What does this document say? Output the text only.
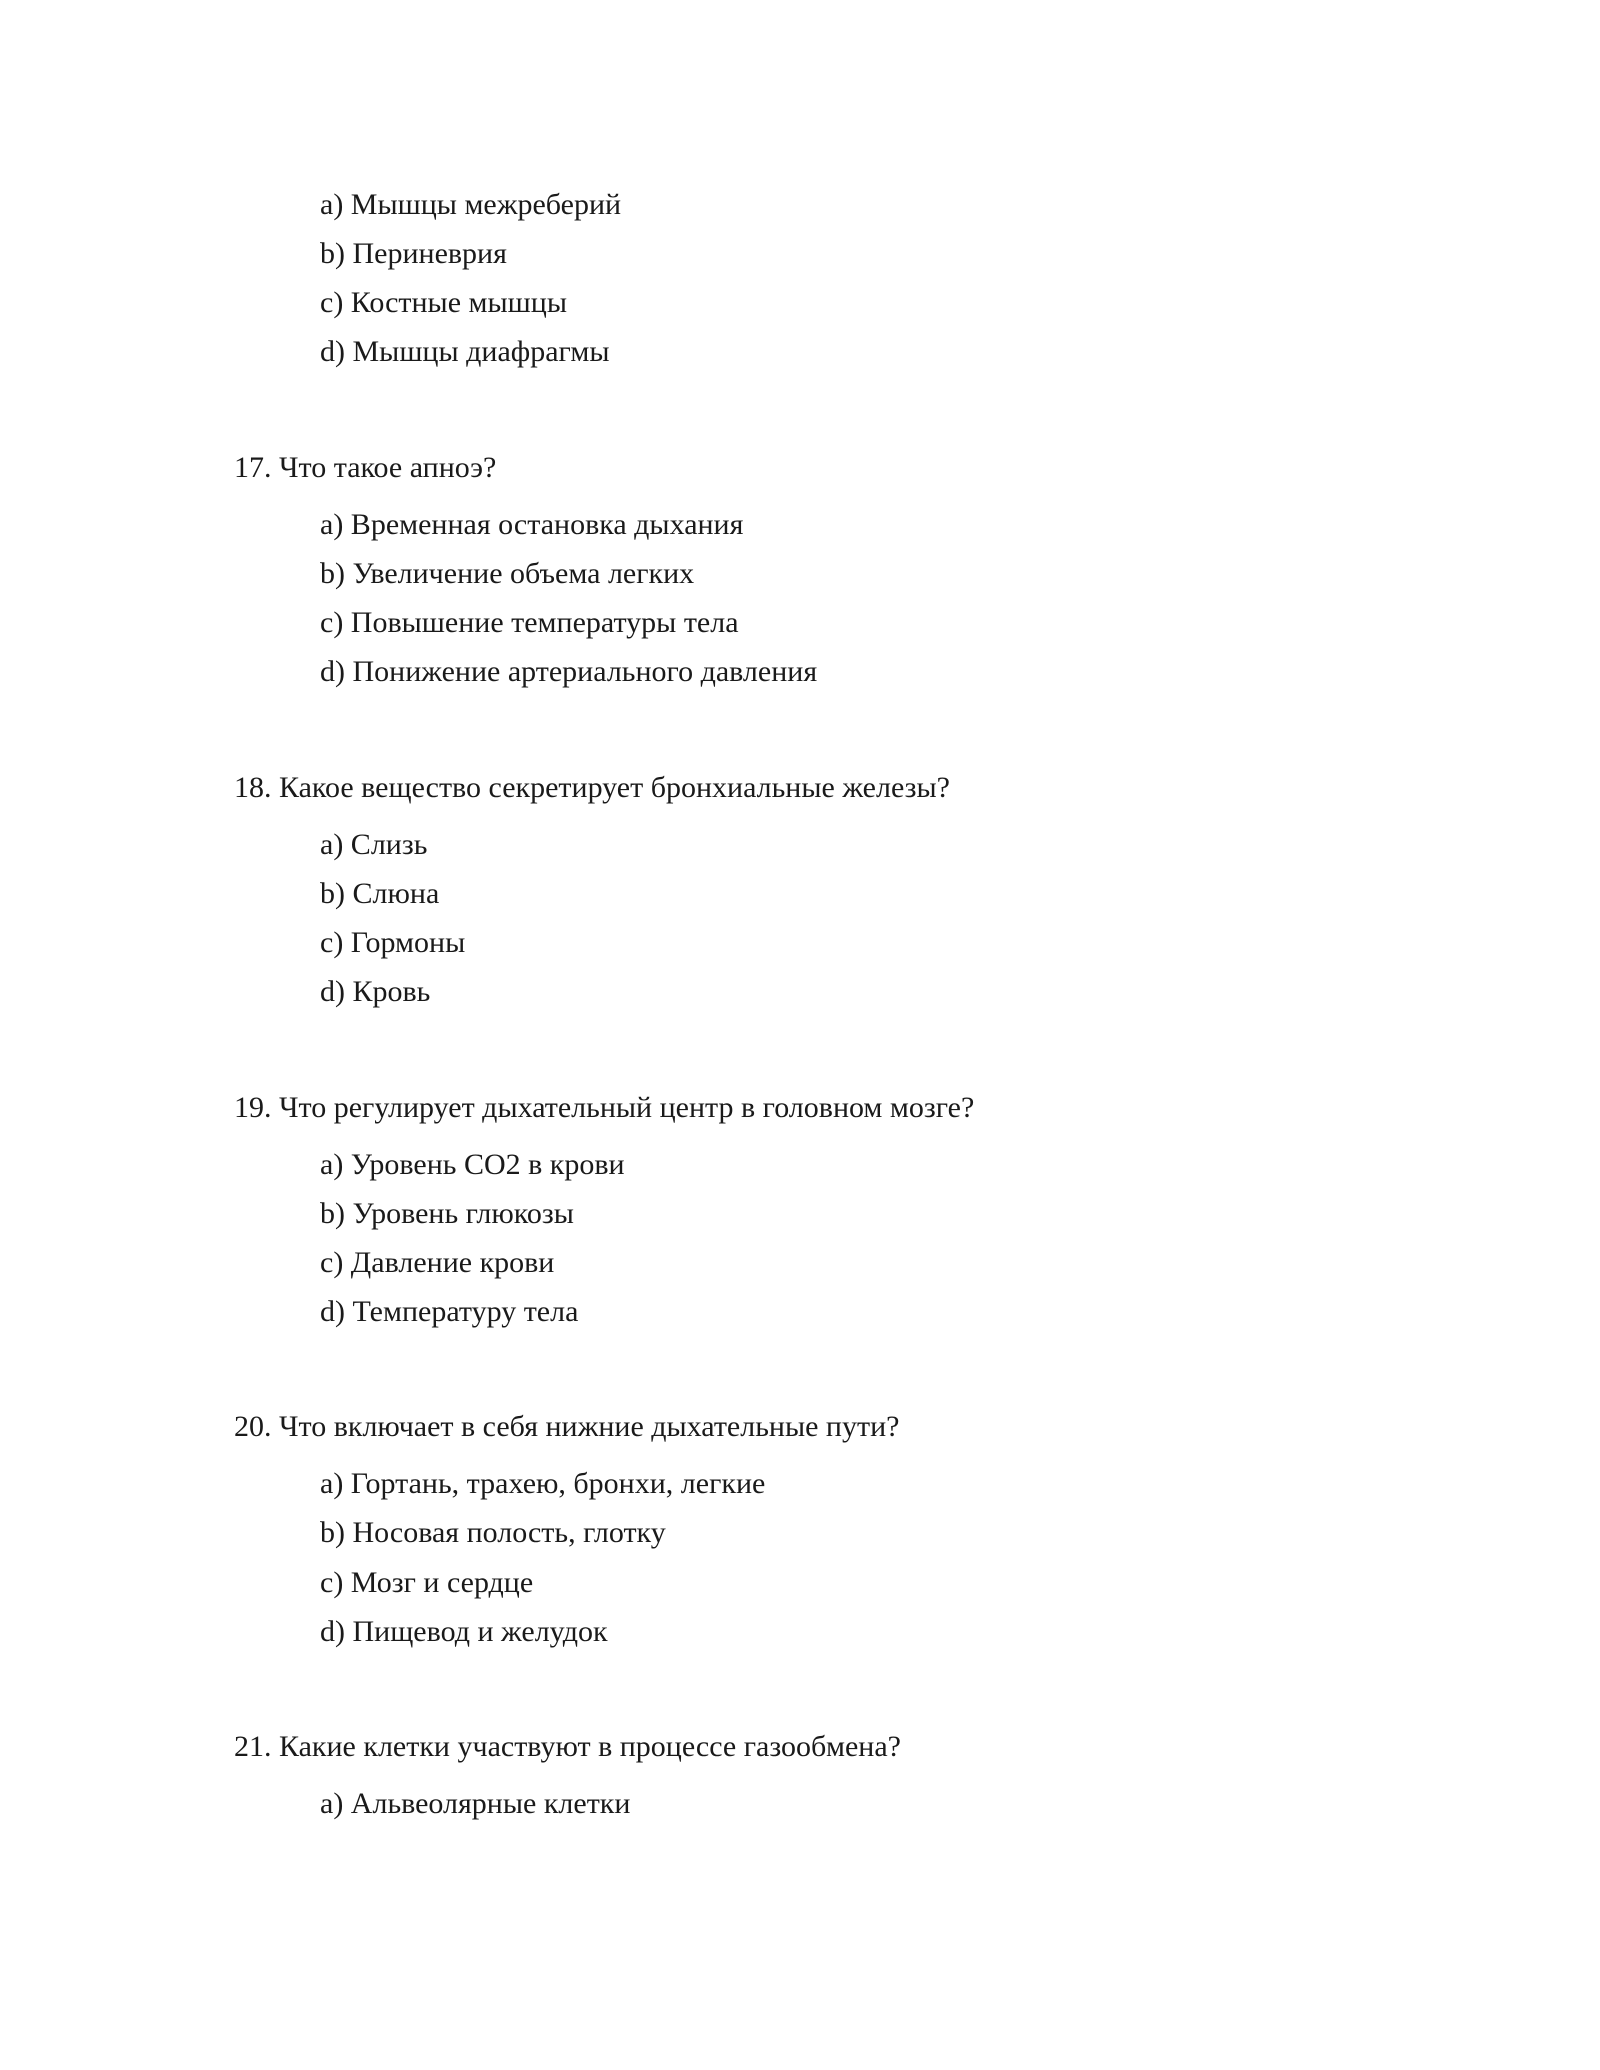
a) Мышцы межреберий
b) Периневрия
c) Костные мышцы
d) Мышцы диафрагмы
17. Что такое апноэ?
a) Временная остановка дыхания
b) Увеличение объема легких
c) Повышение температуры тела
d) Понижение артериального давления
18. Какое вещество секретирует бронхиальные железы?
a) Слизь
b) Слюна
c) Гормоны
d) Кровь
19. Что регулирует дыхательный центр в головном мозге?
a) Уровень CO2 в крови
b) Уровень глюкозы
c) Давление крови
d) Температуру тела
20. Что включает в себя нижние дыхательные пути?
a) Гортань, трахею, бронхи, легкие
b) Носовая полость, глотку
c) Мозг и сердце
d) Пищевод и желудок
21. Какие клетки участвуют в процессе газообмена?
a) Альвеолярные клетки
